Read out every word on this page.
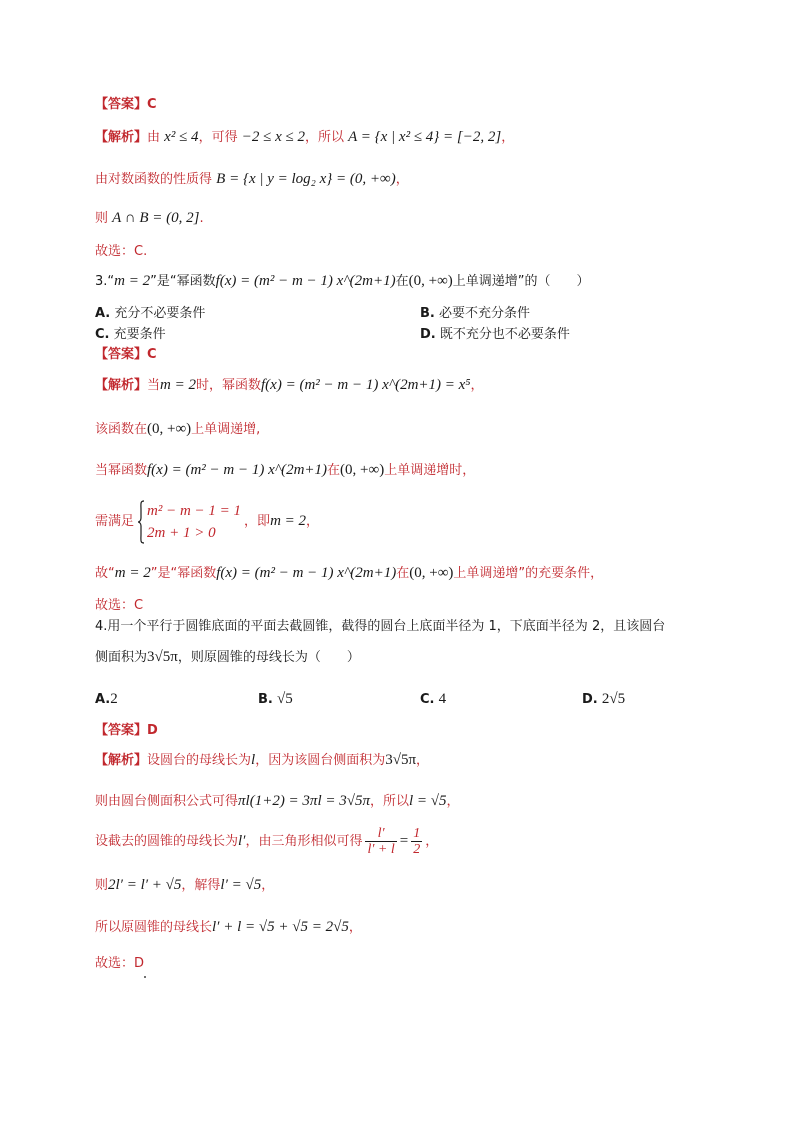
【答案】C
【解析】由 x² ≤ 4，可得 −2 ≤ x ≤ 2，所以 A = {x | x² ≤ 4} = [−2, 2]，
由对数函数的性质得 B = {x | y = log₂ x} = (0, +∞)，
则 A ∩ B = (0, 2].
故选：C.
3.“m = 2”是“幂函数f(x) = (m² − m − 1) x^(2m+1)在(0, +∞)上单调递增”的（　　）
A. 充分不必要条件	B. 必要不充分条件
C. 充要条件	D. 既不充分也不必要条件
【答案】C
【解析】当m = 2时，幂函数f(x) = (m² − m − 1) x^(2m+1) = x⁵，
该函数在(0, +∞)上单调递增,
当幂函数f(x) = (m² − m − 1) x^(2m+1)在(0, +∞)上单调递增时，
需满足
m² − m − 1 = 1
2m + 1 > 0
，即m = 2，
故“m = 2”是“幂函数f(x) = (m² − m − 1) x^(2m+1)在(0, +∞)上单调递增”的充要条件，
故选：C
4.用一个平行于圆锥底面的平面去截圆锥，截得的圆台上底面半径为 1，下底面半径为 2，且该圆台
侧面积为3√5π，则原圆锥的母线长为（　　）
A.2	B. √5	C. 4	D. 2√5
【答案】D
【解析】设圆台的母线长为l，因为该圆台侧面积为3√5π，
则由圆台侧面积公式可得πl(1+2) = 3πl = 3√5π，所以l = √5，
设截去的圆锥的母线长为l′，由三角形相似可得 $\frac{l'}{l' + l} = \frac{1}{2}$ ，
则2l′ = l′ + √5，解得l′ = √5，
所以原圆锥的母线长l′ + l = √5 + √5 = 2√5，
故选：D
